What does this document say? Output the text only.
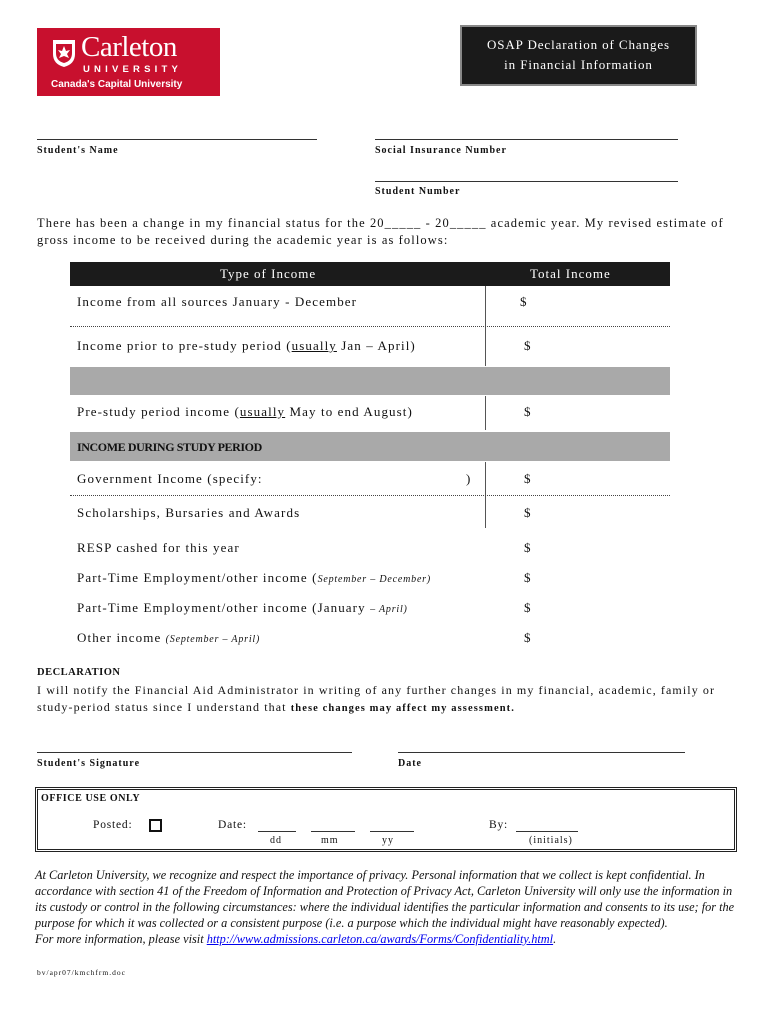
Carleton
UNIVERSITY
Canada's Capital University
OSAP Declaration of Changes
in Financial Information
Student's Name	Social Insurance Number
Student Number
There has been a change in my financial status for the 20_____ - 20_____ academic year. My revised estimate of
gross income to be received during the academic year is as follows:
Type of Income	Total Income
Income from all sources January - December	$
Income prior to pre-study period (usually Jan – April)	$
Pre-study period income (usually May to end August)	$
INCOME DURING STUDY PERIOD
Government Income (specify:	)	$
Scholarships, Bursaries and Awards	$
RESP cashed for this year	$
Part-Time Employment/other income (September – December)	$
Part-Time Employment/other income (January – April)	$
Other income (September – April)	$
DECLARATION
I will notify the Financial Aid Administrator in writing of any further changes in my financial, academic, family or
study-period status since I understand that these changes may affect my assessment.
Student's Signature	Date
OFFICE USE ONLY
Posted:	Date:
dd	mm	yy
By:
(initials)
At Carleton University, we recognize and respect the importance of privacy. Personal information that we collect is kept confidential. In accordance with section 41 of the Freedom of Information and Protection of Privacy Act, Carleton University will only use the information in its custody or control in the following circumstances: where the individual identifies the particular information and consents to its use; for the purpose for which it was collected or a consistent purpose (i.e. a purpose which the individual might have reasonably expected).
For more information, please visit http://www.admissions.carleton.ca/awards/Forms/Confidentiality.html.
bv/apr07/kmchfrm.doc
